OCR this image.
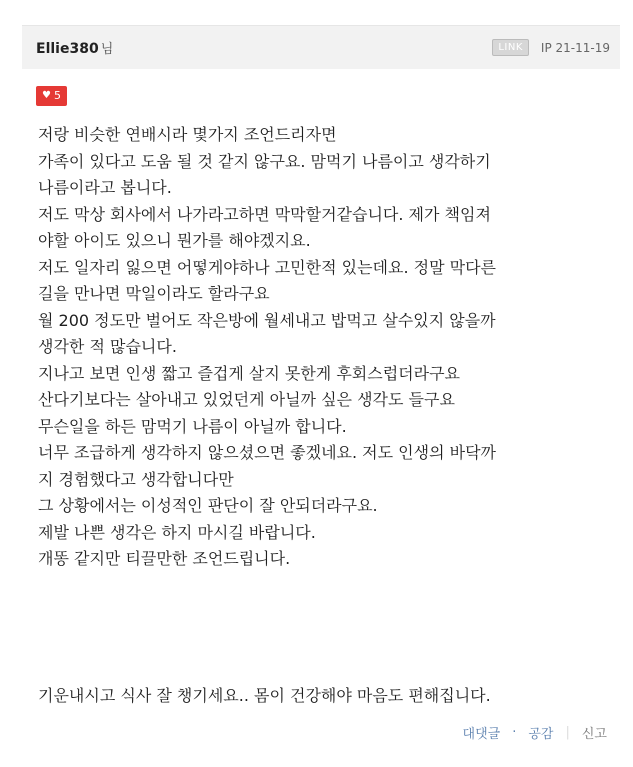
Ellie380 님	LINK	IP 21-11-19
♥ 5
저랑 비슷한 연배시라 몇가지 조언드리자면
가족이 있다고 도움 될 것 같지 않구요. 맘먹기 나름이고 생각하기
나름이라고 봅니다.
저도 막상 회사에서 나가라고하면 막막할거같습니다. 제가 책임져
야할 아이도 있으니 뭔가를 해야겠지요.
저도 일자리 잃으면 어떻게야하나 고민한적 있는데요. 정말 막다른
길을 만나면 막일이라도 할라구요
월 200 정도만 벌어도 작은방에 월세내고 밥먹고 살수있지 않을까
생각한 적 많습니다.
지나고 보면 인생 짧고 즐겁게 살지 못한게 후회스럽더라구요
산다기보다는 살아내고 있었던게 아닐까 싶은 생각도 들구요
무슨일을 하든 맘먹기 나름이 아닐까 합니다.
너무 조급하게 생각하지 않으셨으면 좋겠네요. 저도 인생의 바닥까
지 경험했다고 생각합니다만
그 상황에서는 이성적인 판단이 잘 안되더라구요.
제발 나쁜 생각은 하지 마시길 바랍니다.
개똥 같지만 티끌만한 조언드립니다.
기운내시고 식사 잘 챙기세요.. 몸이 건강해야 마음도 편해집니다.
대댓글 · 공감 | 신고
